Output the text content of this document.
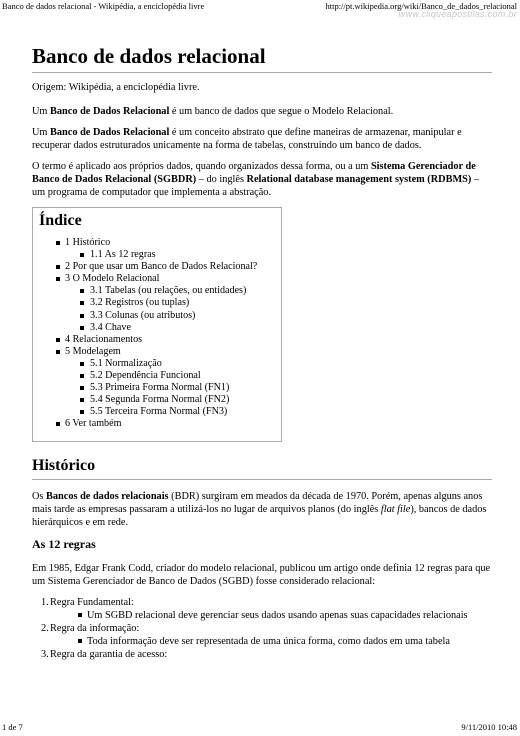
Banco de dados relacional - Wikipédia, a enciclopédia livre	http://pt.wikipedia.org/wiki/Banco_de_dados_relacional
www.cliqueapostilas.com.br
Banco de dados relacional

Origem: Wikipédia, a enciclopédia livre.

Um Banco de Dados Relacional é um banco de dados que segue o Modelo Relacional.

Um Banco de Dados Relacional é um conceito abstrato que define maneiras de armazenar, manipular e recuperar dados estruturados unicamente na forma de tabelas, construindo um banco de dados.

O termo é aplicado aos próprios dados, quando organizados dessa forma, ou a um Sistema Gerenciador de Banco de Dados Relacional (SGBDR) – do inglês Relational database management system (RDBMS) – um programa de computador que implementa a abstração.

Índice
1 Histórico
1.1 As 12 regras
2 Por que usar um Banco de Dados Relacional?
3 O Modelo Relacional
3.1 Tabelas (ou relações, ou entidades)
3.2 Registros (ou tuplas)
3.3 Colunas (ou atributos)
3.4 Chave
4 Relacionamentos
5 Modelagem
5.1 Normalização
5.2 Dependência Funcional
5.3 Primeira Forma Normal (FN1)
5.4 Segunda Forma Normal (FN2)
5.5 Terceira Forma Normal (FN3)
6 Ver também
Histórico

Os Bancos de dados relacionais (BDR) surgiram em meados da década de 1970. Porém, apenas alguns anos mais tarde as empresas passaram a utilizá-los no lugar de arquivos planos (do inglês flat file), bancos de dados hierárquicos e em rede.

As 12 regras

Em 1985, Edgar Frank Codd, criador do modelo relacional, publicou um artigo onde definia 12 regras para que um Sistema Gerenciador de Banco de Dados (SGBD) fosse considerado relacional:

1. Regra Fundamental:
Um SGBD relacional deve gerenciar seus dados usando apenas suas capacidades relacionais
2. Regra da informação:
Toda informação deve ser representada de uma única forma, como dados em uma tabela
3. Regra da garantia de acesso:
1 de 7	9/11/2010 10:48
